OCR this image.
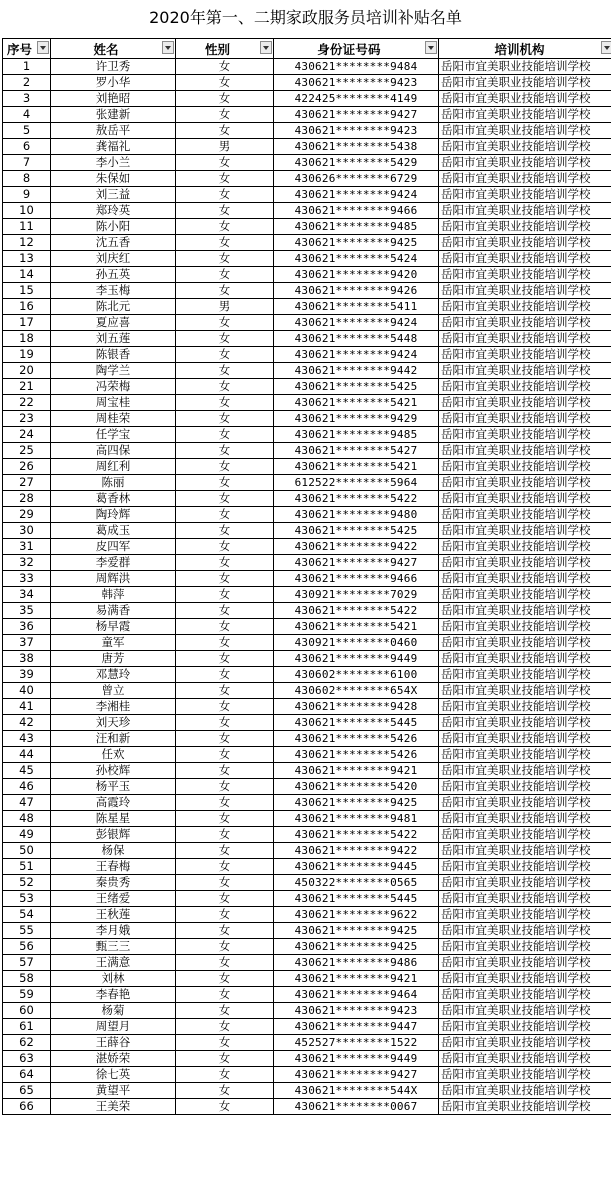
2020年第一、二期家政服务员培训补贴名单
序号	姓名	性别	身份证号码	培训机构

1	许卫秀	女	430621********9484	岳阳市宜美职业技能培训学校
2	罗小华	女	430621********9423	岳阳市宜美职业技能培训学校
3	刘艳昭	女	422425********4149	岳阳市宜美职业技能培训学校
4	张建新	女	430621********9427	岳阳市宜美职业技能培训学校
5	敖岳平	女	430621********9423	岳阳市宜美职业技能培训学校
6	龚福礼	男	430621********5438	岳阳市宜美职业技能培训学校
7	李小兰	女	430621********5429	岳阳市宜美职业技能培训学校
8	朱保如	女	430626********6729	岳阳市宜美职业技能培训学校
9	刘三益	女	430621********9424	岳阳市宜美职业技能培训学校
10	郑玲英	女	430621********9466	岳阳市宜美职业技能培训学校
11	陈小阳	女	430621********9485	岳阳市宜美职业技能培训学校
12	沈五香	女	430621********9425	岳阳市宜美职业技能培训学校
13	刘庆红	女	430621********5424	岳阳市宜美职业技能培训学校
14	孙五英	女	430621********9420	岳阳市宜美职业技能培训学校
15	李玉梅	女	430621********9426	岳阳市宜美职业技能培训学校
16	陈北元	男	430621********5411	岳阳市宜美职业技能培训学校
17	夏应喜	女	430621********9424	岳阳市宜美职业技能培训学校
18	刘五莲	女	430621********5448	岳阳市宜美职业技能培训学校
19	陈银香	女	430621********9424	岳阳市宜美职业技能培训学校
20	陶学兰	女	430621********9442	岳阳市宜美职业技能培训学校
21	冯荣梅	女	430621********5425	岳阳市宜美职业技能培训学校
22	周宝桂	女	430621********5421	岳阳市宜美职业技能培训学校
23	周桂荣	女	430621********9429	岳阳市宜美职业技能培训学校
24	任学宝	女	430621********9485	岳阳市宜美职业技能培训学校
25	高四保	女	430621********5427	岳阳市宜美职业技能培训学校
26	周红利	女	430621********5421	岳阳市宜美职业技能培训学校
27	陈丽	女	612522********5964	岳阳市宜美职业技能培训学校
28	葛香林	女	430621********5422	岳阳市宜美职业技能培训学校
29	陶玲辉	女	430621********9480	岳阳市宜美职业技能培训学校
30	葛成玉	女	430621********5425	岳阳市宜美职业技能培训学校
31	皮四军	女	430621********9422	岳阳市宜美职业技能培训学校
32	李爱群	女	430621********9427	岳阳市宜美职业技能培训学校
33	周辉洪	女	430621********9466	岳阳市宜美职业技能培训学校
34	韩萍	女	430921********7029	岳阳市宜美职业技能培训学校
35	易满香	女	430621********5422	岳阳市宜美职业技能培训学校
36	杨早霞	女	430621********5421	岳阳市宜美职业技能培训学校
37	童军	女	430921********0460	岳阳市宜美职业技能培训学校
38	唐芳	女	430621********9449	岳阳市宜美职业技能培训学校
39	邓慧玲	女	430602********6100	岳阳市宜美职业技能培训学校
40	曾立	女	430602********654X	岳阳市宜美职业技能培训学校
41	李湘桂	女	430621********9428	岳阳市宜美职业技能培训学校
42	刘天珍	女	430621********5445	岳阳市宜美职业技能培训学校
43	汪和新	女	430621********5426	岳阳市宜美职业技能培训学校
44	任欢	女	430621********5426	岳阳市宜美职业技能培训学校
45	孙校辉	女	430621********9421	岳阳市宜美职业技能培训学校
46	杨平玉	女	430621********5420	岳阳市宜美职业技能培训学校
47	高霞玲	女	430621********9425	岳阳市宜美职业技能培训学校
48	陈星星	女	430621********9481	岳阳市宜美职业技能培训学校
49	彭银辉	女	430621********5422	岳阳市宜美职业技能培训学校
50	杨保	女	430621********9422	岳阳市宜美职业技能培训学校
51	王春梅	女	430621********9445	岳阳市宜美职业技能培训学校
52	秦贵秀	女	450322********0565	岳阳市宜美职业技能培训学校
53	王绪爱	女	430621********5445	岳阳市宜美职业技能培训学校
54	王秋莲	女	430621********9622	岳阳市宜美职业技能培训学校
55	李月娥	女	430621********9425	岳阳市宜美职业技能培训学校
56	甄三三	女	430621********9425	岳阳市宜美职业技能培训学校
57	王满意	女	430621********9486	岳阳市宜美职业技能培训学校
58	刘林	女	430621********9421	岳阳市宜美职业技能培训学校
59	李春艳	女	430621********9464	岳阳市宜美职业技能培训学校
60	杨菊	女	430621********9423	岳阳市宜美职业技能培训学校
61	周望月	女	430621********9447	岳阳市宜美职业技能培训学校
62	王薛谷	女	452527********1522	岳阳市宜美职业技能培训学校
63	湛娇荣	女	430621********9449	岳阳市宜美职业技能培训学校
64	徐七英	女	430621********9427	岳阳市宜美职业技能培训学校
65	黄望平	女	430621********544X	岳阳市宜美职业技能培训学校
66	王美荣	女	430621********0067	岳阳市宜美职业技能培训学校
